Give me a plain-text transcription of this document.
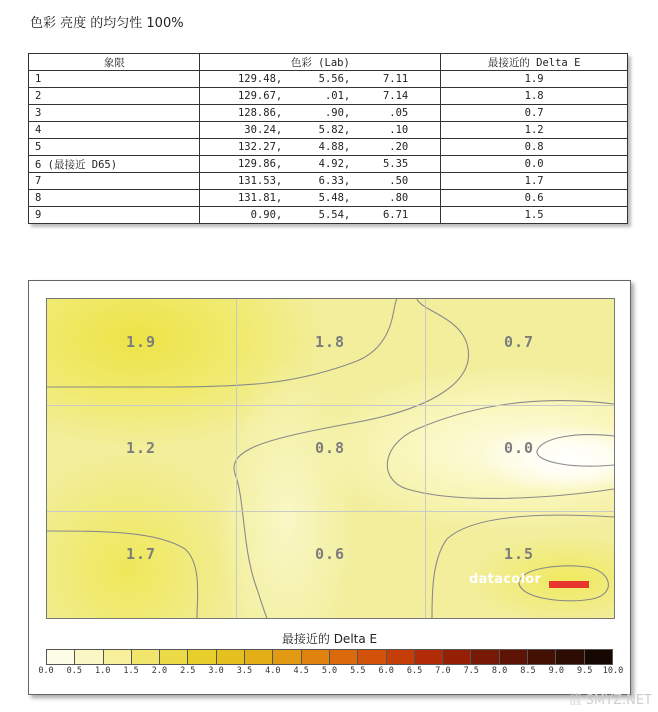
色彩 亮度 的均匀性 100%
象限	色彩 (Lab)	最接近的 Delta E
1	129.48, 5.56, 7.11	1.9
2	129.67, .01, 7.14	1.8
3	128.86, .90, .05	0.7
4	30.24, 5.82, .10	1.2
5	132.27, 4.88, .20	0.8
6 (最接近 D65)	129.86, 4.92, 5.35	0.0
7	131.53, 6.33, .50	1.7
8	131.81, 5.48, .80	0.6
9	0.90, 5.54, 6.71	1.5
1.9	1.8	0.7
1.2	0.8	0.0
1.7	0.6	1.5
datacolor
最接近的 Delta E
0.0 0.5 1.0 1.5 2.0 2.5 3.0 3.5 4.0 4.5 5.0 5.5 6.0 6.5 7.0 7.5 8.0 8.5 9.0 9.5 10.0
值 SMYZ.NET
